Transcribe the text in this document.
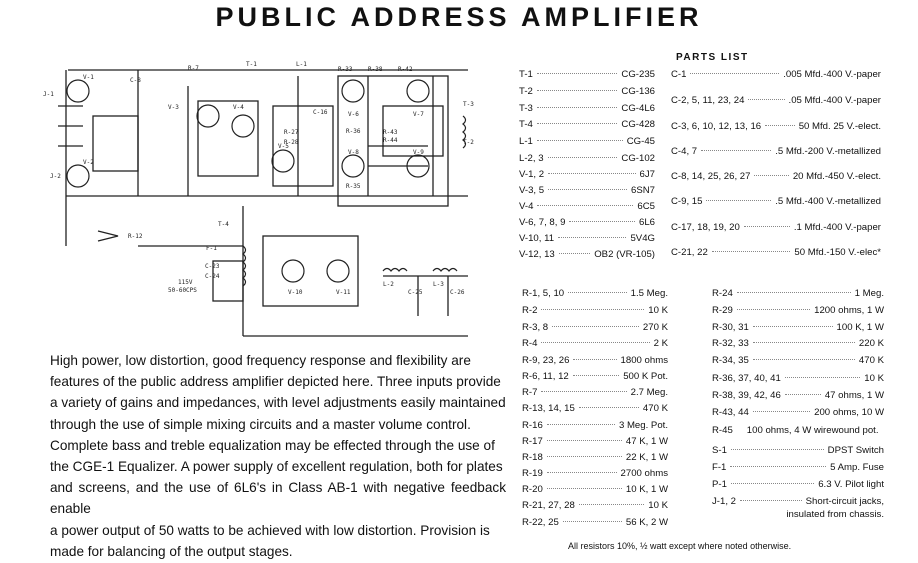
PUBLIC ADDRESS AMPLIFIER
J-1
J-2
V-1
V-2
V-3	V-4
V-5
R-7
C-8
T-1	L-1
C-16
R-27
R-28
R-33	R-38	R-42
R-36
R-35
R-43
R-44
V-6	V-7
V-8	V-9
T-3
T-2
T-4
F-1
115V
50-60CPS
C-23
C-24
V-10	V-11
L-2	L-3
C-25	C-26
R-12
High power, low distortion, good frequency response and flexibility are
features of the public address amplifier depicted here. Three inputs provide
a variety of gains and impedances, with level adjustments easily maintained
through the use of simple mixing circuits and a master volume control.
Complete bass and treble equalization may be effected through the use of
the CGE-1 Equalizer. A power supply of excellent regulation, both for plates
and screens, and the use of 6L6's in Class AB-1 with negative feedback enable
a power output of 50 watts to be achieved with low distortion. Provision is
made for balancing of the output stages.
PARTS LIST
T-1	CG-235
T-2	CG-136
T-3	CG-4L6
T-4	CG-428
L-1	CG-45
L-2, 3	CG-102
V-1, 2	6J7
V-3, 5	6SN7
V-4	6C5
V-6, 7, 8, 9	6L6
V-10, 11	5V4G
V-12, 13	OB2 (VR-105)
C-1	.005 Mfd.-400 V.-paper
C-2, 5, 11, 23, 24	.05 Mfd.-400 V.-paper
C-3, 6, 10, 12, 13, 16	50 Mfd. 25 V.-elect.
C-4, 7	.5 Mfd.-200 V.-metallized
C-8, 14, 25, 26, 27	20 Mfd.-450 V.-elect.
C-9, 15	.5 Mfd.-400 V.-metallized
C-17, 18, 19, 20	.1 Mfd.-400 V.-paper
C-21, 22	50 Mfd.-150 V.-elec*
R-1, 5, 10	1.5 Meg.
R-2	10 K
R-3, 8	270 K
R-4	2 K
R-9, 23, 26	1800 ohms
R-6, 11, 12	500 K Pot.
R-7	2.7 Meg.
R-13, 14, 15	470 K
R-16	3 Meg. Pot.
R-17	47 K, 1 W
R-18	22 K, 1 W
R-19	2700 ohms
R-20	10 K, 1 W
R-21, 27, 28	10 K
R-22, 25	56 K, 2 W
R-24	1 Meg.
R-29	1200 ohms, 1 W
R-30, 31	100 K, 1 W
R-32, 33	220 K
R-34, 35	470 K
R-36, 37, 40, 41	10 K
R-38, 39, 42, 46	47 ohms, 1 W
R-43, 44	200 ohms, 10 W
R-45 100 ohms, 4 W wirewound pot.
S-1	DPST Switch
F-1	5 Amp. Fuse
P-1	6.3 V. Pilot light
J-1, 2	Short-circuit jacks,
insulated from chassis.
All resistors 10%, ½ watt except where noted otherwise.
